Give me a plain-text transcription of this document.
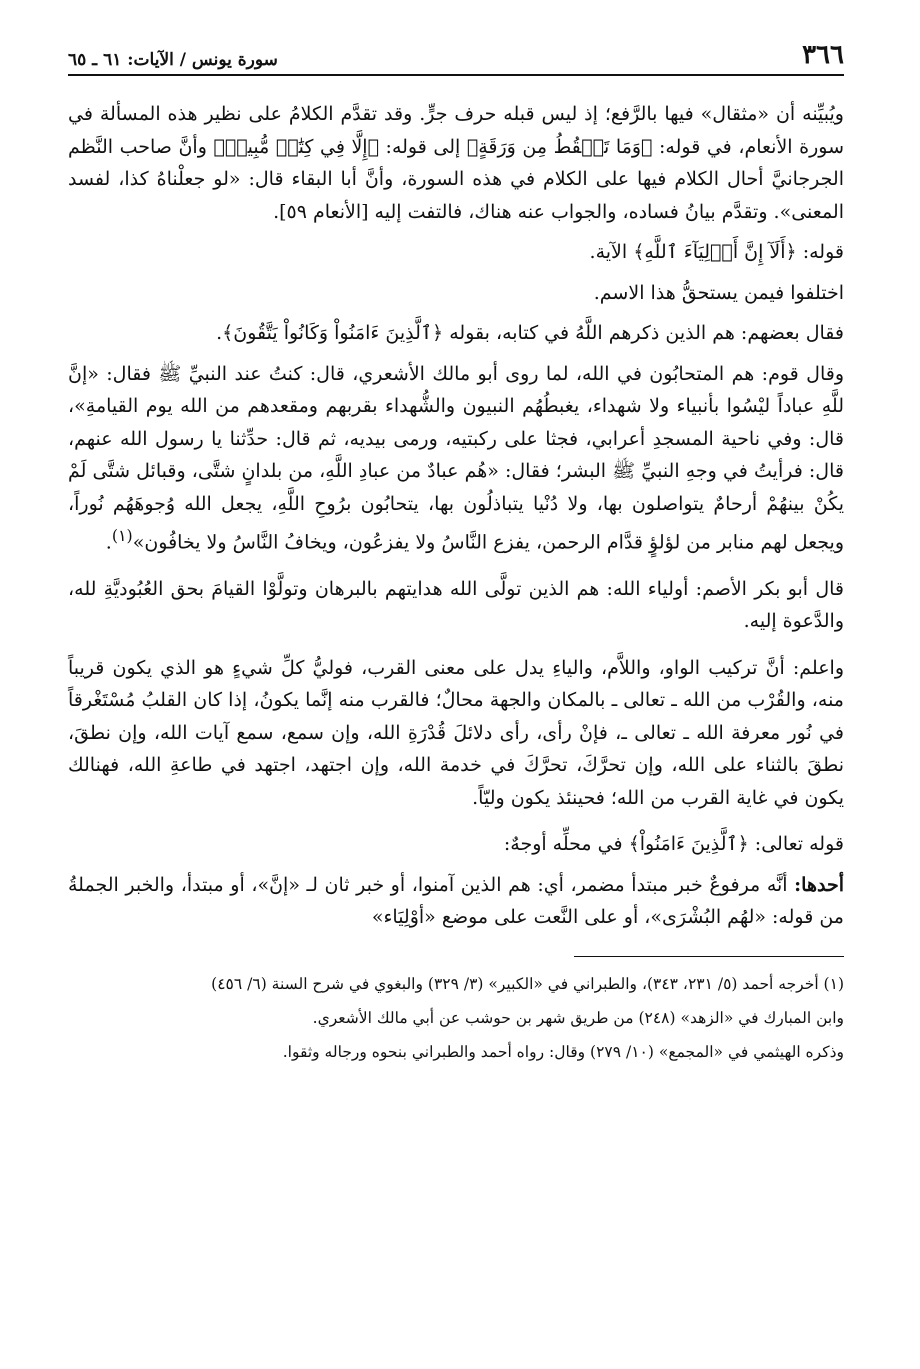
٣٦٦
سورة يونس / الآيات: ٦١ ـ ٦٥

ويُبيِّنه أن «مثقال» فيها بالرَّفع؛ إذ ليس قبله حرف جرٍّ. وقد تقدَّم الكلامُ على نظير هذه المسألة في سورة الأنعام، في قوله: ﴿وَمَا تَسۡقُطُ مِن وَرَقَةٍ﴾ إلى قوله: ﴿إِلَّا فِي كِتَٰبٖ مُّبِينٖ﴾ وأنَّ صاحب النَّظم الجرجانيَّ أحال الكلام فيها على الكلام في هذه السورة، وأنَّ أبا البقاء قال: «لو جعلْناهُ كذا، لفسد المعنى». وتقدَّم بيانُ فساده، والجواب عنه هناك، فالتفت إليه [الأنعام ٥٩].

قوله: ﴿أَلَآ إِنَّ أَوۡلِيَآءَ ٱللَّهِ﴾ الآية.

اختلفوا فيمن يستحقُّ هذا الاسم.

فقال بعضهم: هم الذين ذكرهم اللَّهُ في كتابه، بقوله ﴿ٱلَّذِينَ ءَامَنُواْ وَكَانُواْ يَتَّقُونَ﴾.

وقال قوم: هم المتحابُون في الله، لما روى أبو مالك الأشعري، قال: كنتُ عند النبيِّ ﷺ فقال: «إنَّ للَّهِ عباداً ليْسُوا بأنبياء ولا شهداء، يغبطُهُم النبيون والشُّهداء بقربهم ومقعدهم من الله يوم القيامةِ»، قال: وفي ناحية المسجدِ أعرابي، فجثا على ركبتيه، ورمى بيديه، ثم قال: حدِّثنا يا رسول الله عنهم، قال: فرأيتُ في وجهِ النبيِّ ﷺ البشر؛ فقال: «هُم عبادٌ من عبادِ اللَّهِ، من بلدانٍ شتَّى، وقبائل شتَّى لَمْ يكُنْ بينهُمْ أرحامٌ يتواصلون بها، ولا دُنْيا يتباذلُون بها، يتحابُون برُوحِ اللَّهِ، يجعل الله وُجوهَهُم نُوراً، ويجعل لهم منابر من لؤلؤٍ قدَّام الرحمن، يفزع النَّاسُ ولا يفزعُون، ويخافُ النَّاسُ ولا يخافُون»$^{(١)}$.

قال أبو بكر الأصم: أولياء الله: هم الذين تولَّى الله هدايتهم بالبرهان وتولَّوْا القيامَ بحق العُبُوديَّةِ لله، والدَّعوة إليه.

واعلم: أنَّ تركيب الواو، واللاَّم، والياءِ يدل على معنى القرب، فوليُّ كلِّ شيءٍ هو الذي يكون قريباً منه، والقُرْب من الله ـ تعالى ـ بالمكان والجهة محالٌ؛ فالقرب منه إنَّما يكونُ، إذا كان القلبُ مُسْتَغْرقاً في نُور معرفة الله ـ تعالى ـ، فإنْ رأى، رأى دلائلَ قُدْرَةِ الله، وإن سمع، سمع آيات الله، وإن نطقَ، نطقَ بالثناء على الله، وإن تحرَّكَ، تحرَّكَ في خدمة الله، وإن اجتهد، اجتهد في طاعةِ الله، فهنالك يكون في غاية القرب من الله؛ فحينئذ يكون وليّاً.

قوله تعالى: ﴿ٱلَّذِينَ ءَامَنُواْ﴾ في محلِّه أوجهٌ:

أحدها: أنَّه مرفوعٌ خبر مبتدأ مضمر، أي: هم الذين آمنوا، أو خبر ثان لـ «إنَّ»، أو مبتدأ، والخبر الجملةُ من قوله: «لهُم البُشْرَى»، أو على النَّعت على موضع «أوْلِيَاء»

(١) أخرجه أحمد (٥/ ٢٣١، ٣٤٣)، والطبراني في «الكبير» (٣/ ٣٢٩) والبغوي في شرح السنة (٦/ ٤٥٦)

وابن المبارك في «الزهد» (٢٤٨) من طريق شهر بن حوشب عن أبي مالك الأشعري.

وذكره الهيثمي في «المجمع» (١٠/ ٢٧٩) وقال: رواه أحمد والطبراني بنحوه ورجاله وثقوا.
